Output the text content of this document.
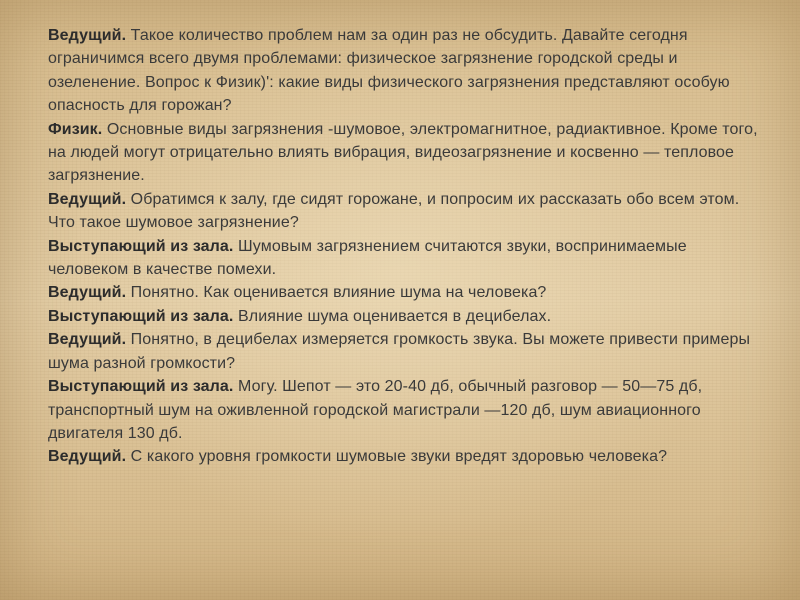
Ведущий. Такое количество проблем нам за один раз не обсудить. Давайте сегодня ограничимся всего двумя проблемами: физическое загрязнение городской среды и озеленение. Вопрос к Физик)': какие виды физического загрязнения представляют особую опасность для горожан?

Физик. Основные виды загрязнения -шумовое, электромагнитное, радиактивное. Кроме того, на людей могут отрицательно влиять вибрация, видеозагрязнение и косвенно — тепловое загрязнение.

Ведущий. Обратимся к залу, где сидят горожане, и попросим их рассказать обо всем этом. Что такое шумовое загрязнение?

Выступающий из зала. Шумовым загрязнением считаются звуки, воспринимаемые человеком в качестве помехи.

Ведущий. Понятно. Как оценивается влияние шума на человека?

Выступающий из зала. Влияние шума оценивается в децибелах.

Ведущий. Понятно, в децибелах измеряется громкость звука. Вы можете привести примеры шума разной громкости?

Выступающий из зала. Могу. Шепот — это 20-40 дб, обычный разговор — 50—75 дб, транспортный шум на оживленной городской магистрали —120 дб, шум авиационного двигателя 130 дб.

Ведущий. С какого уровня громкости шумовые звуки вредят здоровью человека?
